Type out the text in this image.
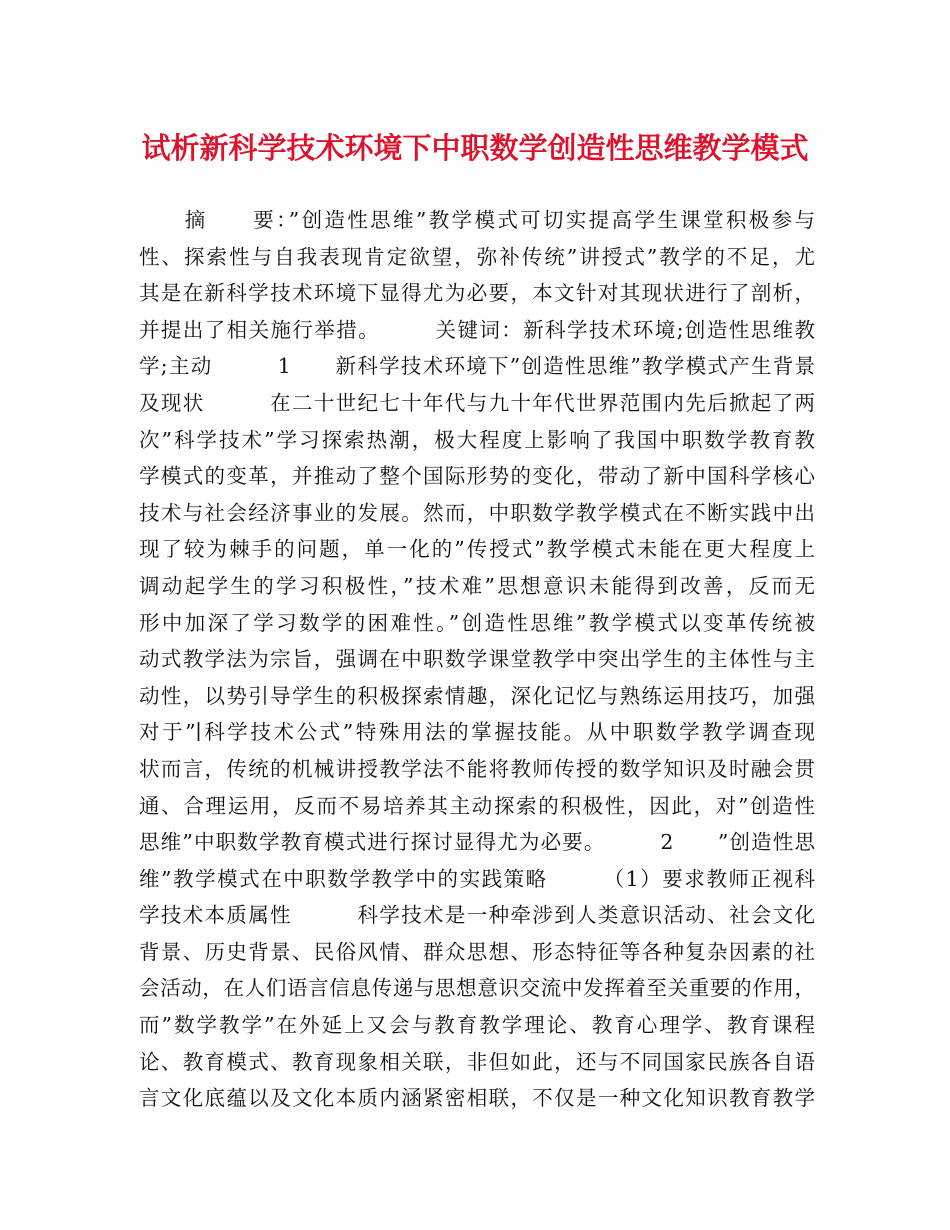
试析新科学技术环境下中职数学创造性思维教学模式
　　摘　　要：”创造性思维”教学模式可切实提高学生课堂积极参与
性、探索性与自我表现肯定欲望，弥补传统”讲授式”教学的不足，尤
其是在新科学技术环境下显得尤为必要，本文针对其现状进行了剖析，
并提出了相关施行举措。　　　关键词：新科学技术环境;创造性思维教
学;主动　　　1　　新科学技术环境下”创造性思维”教学模式产生背景
及现状　　　在二十世纪七十年代与九十年代世界范围内先后掀起了两
次”科学技术”学习探索热潮，极大程度上影响了我国中职数学教育教
学模式的变革，并推动了整个国际形势的变化，带动了新中国科学核心
技术与社会经济事业的发展。然而，中职数学教学模式在不断实践中出
现了较为棘手的问题，单一化的”传授式”教学模式未能在更大程度上
调动起学生的学习积极性，”技术难”思想意识未能得到改善，反而无
形中加深了学习数学的困难性。”创造性思维”教学模式以变革传统被
动式教学法为宗旨，强调在中职数学课堂教学中突出学生的主体性与主
动性，以势引导学生的积极探索情趣，深化记忆与熟练运用技巧，加强
对于”∣科学技术公式”特殊用法的掌握技能。从中职数学教学调查现
状而言，传统的机械讲授教学法不能将教师传授的数学知识及时融会贯
通、合理运用，反而不易培养其主动探索的积极性，因此，对”创造性
思维”中职数学教育模式进行探讨显得尤为必要。　　　2　　”创造性思
维”教学模式在中职数学教学中的实践策略　　　（1）要求教师正视科
学技术本质属性　　　科学技术是一种牵涉到人类意识活动、社会文化
背景、历史背景、民俗风情、群众思想、形态特征等各种复杂因素的社
会活动，在人们语言信息传递与思想意识交流中发挥着至关重要的作用，
而”数学教学”在外延上又会与教育教学理论、教育心理学、教育课程
论、教育模式、教育现象相关联，非但如此，还与不同国家民族各自语
言文化底蕴以及文化本质内涵紧密相联，不仅是一种文化知识教育教学
